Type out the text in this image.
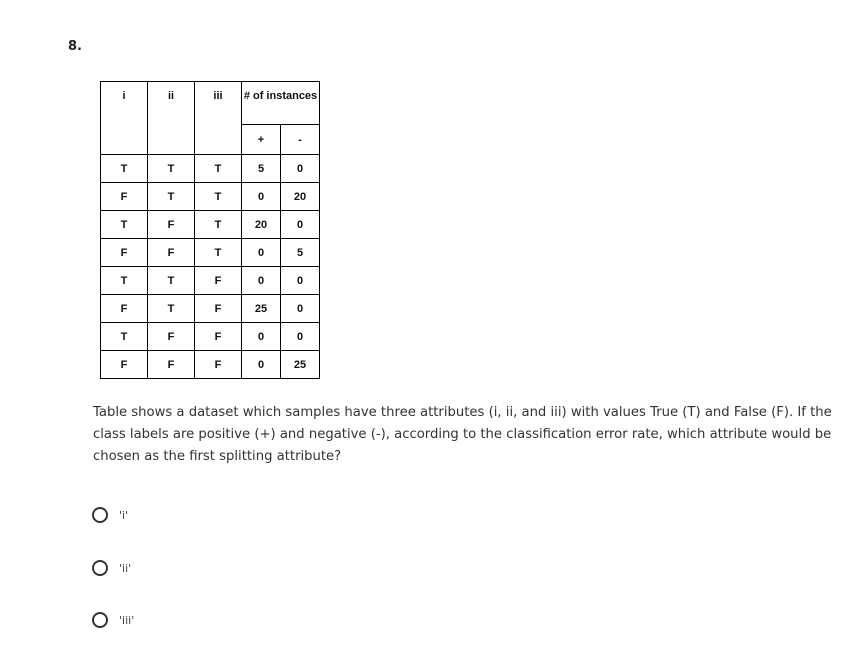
8.
i	ii	iii	# of instances	
			+	-
T	T	T	5	0
F	T	T	0	20
T	F	T	20	0
F	F	T	0	5
T	T	F	0	0
F	T	F	25	0
T	F	F	0	0
F	F	F	0	25
Table shows a dataset which samples have three attributes (i, ii, and iii) with values True (T) and False (F). If the class labels are positive (+) and negative (-), according to the classification error rate, which attribute would be chosen as the first splitting attribute?
'i'
'ii'
'iii'
